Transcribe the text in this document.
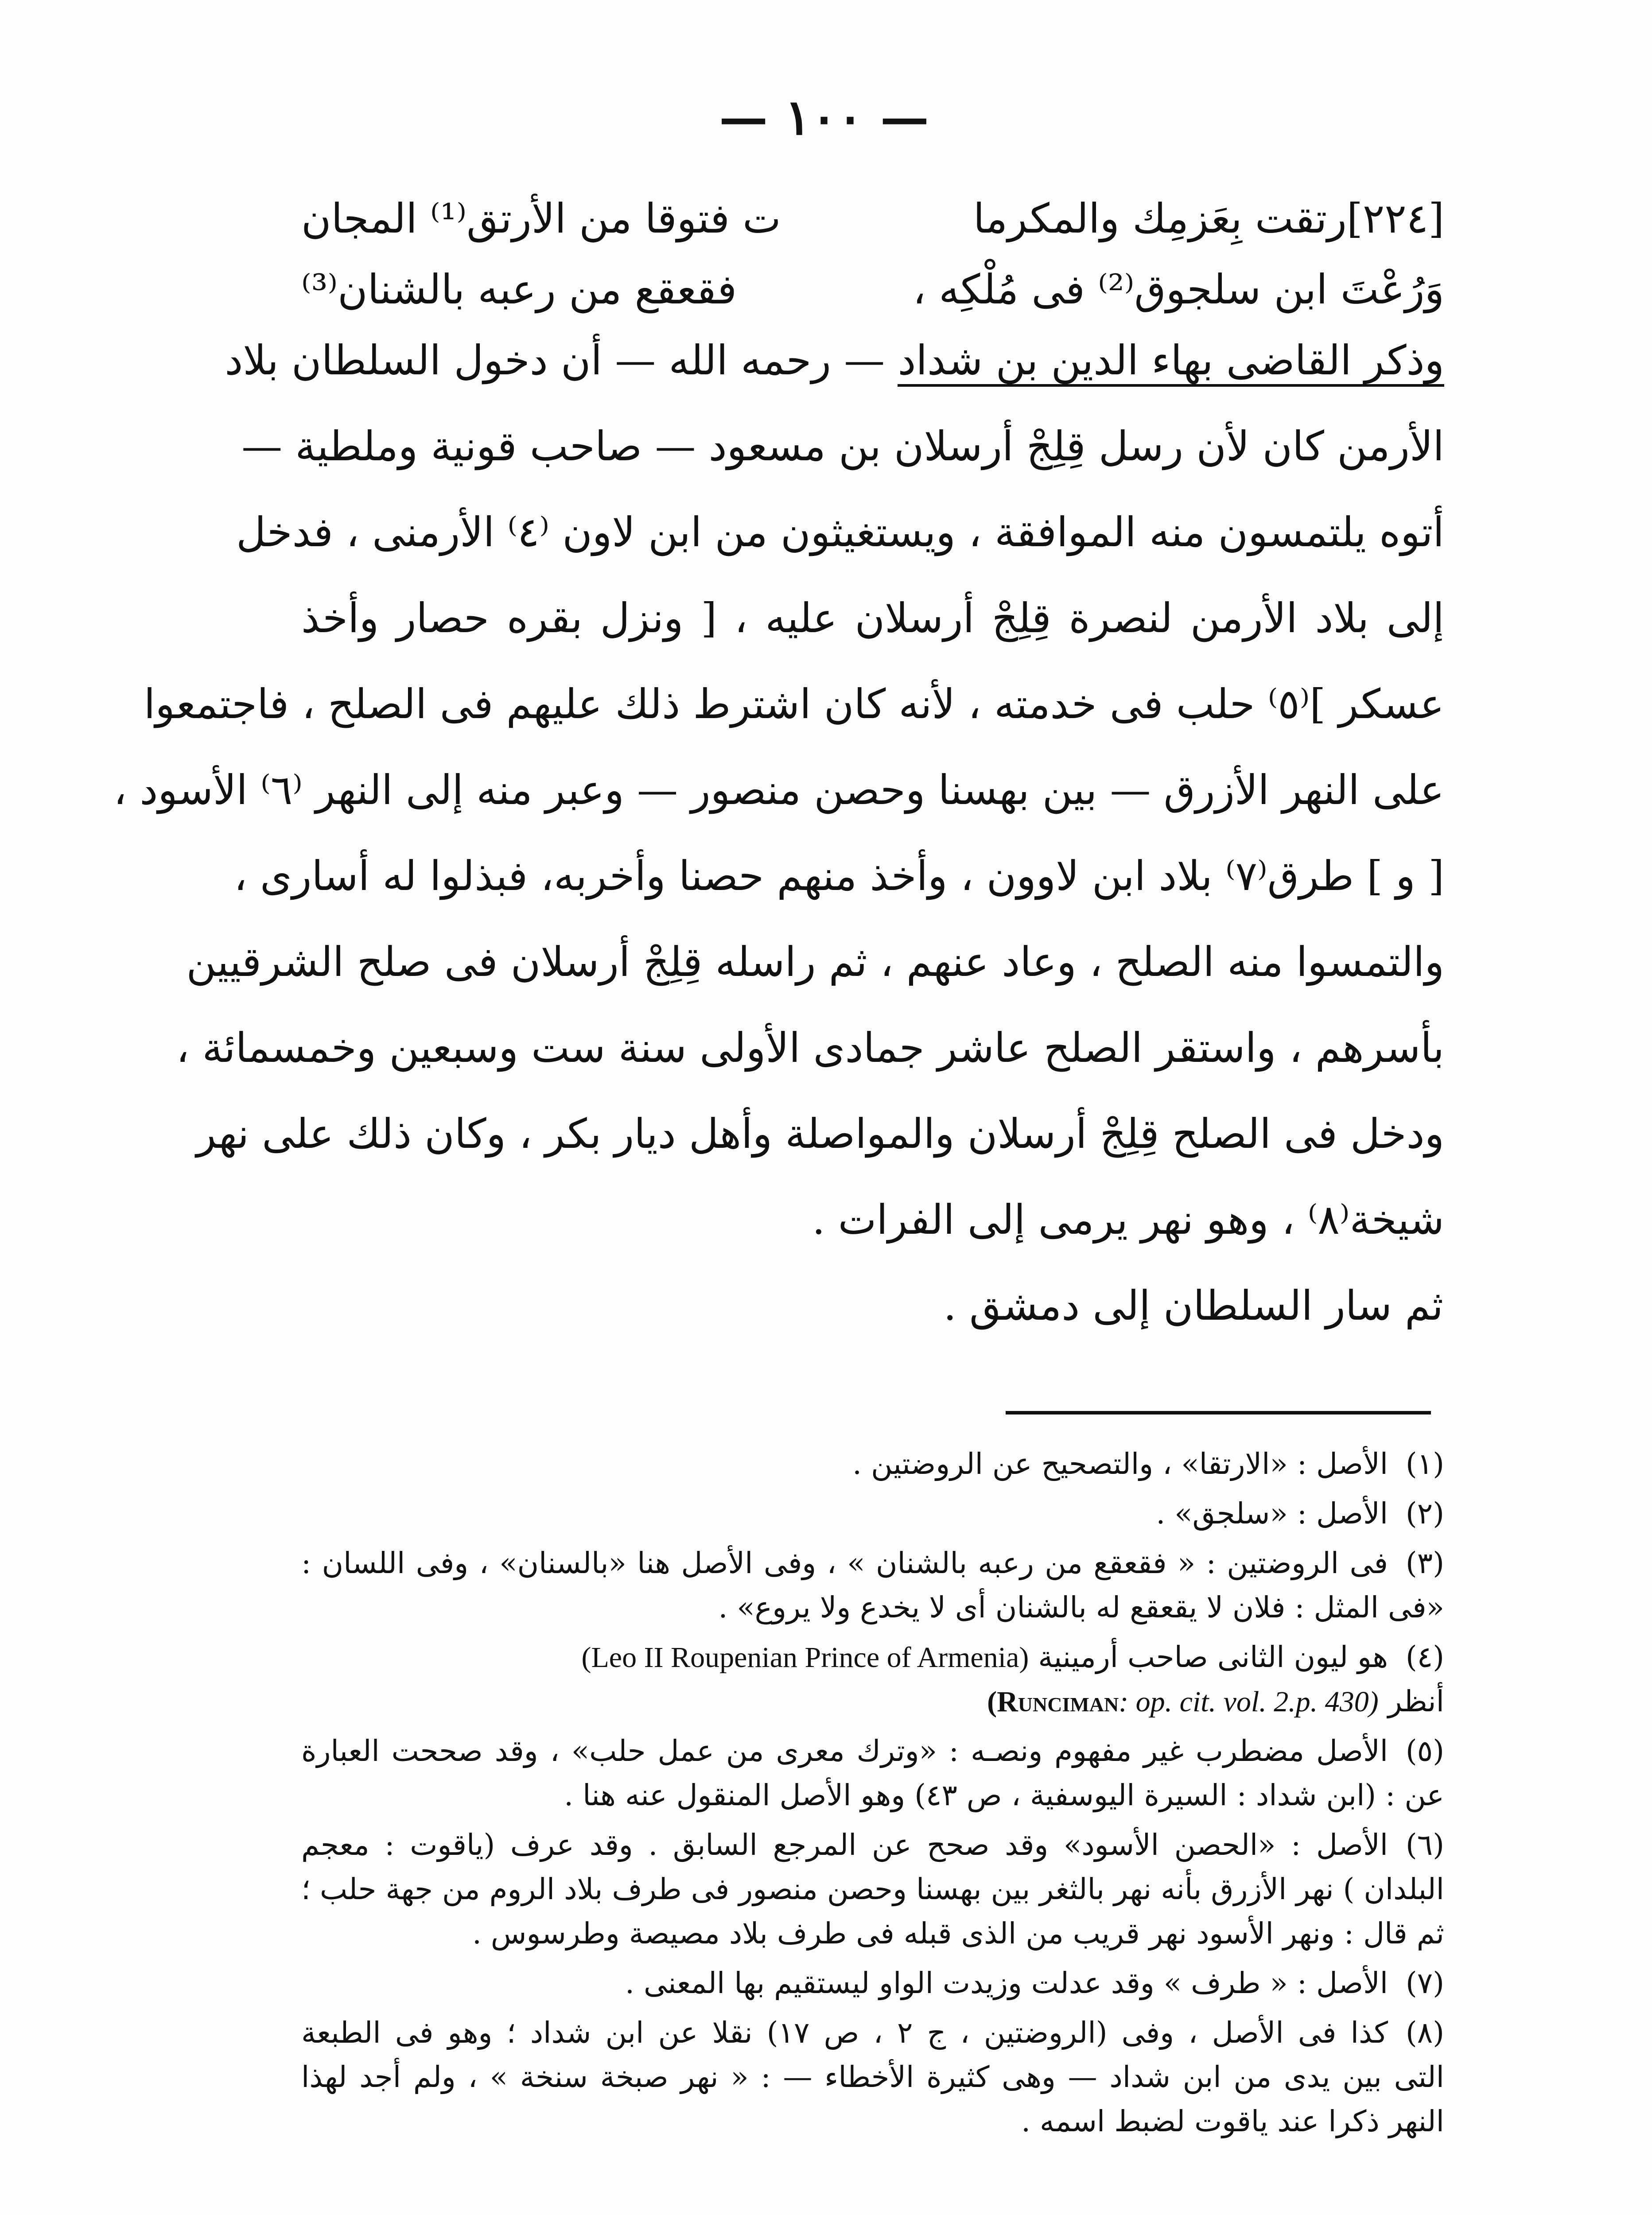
— ١٠٠ —
[٢٢٤]رتقت بِعَزمِك والمكرما
ت فتوقا من الأرتق⁽¹⁾ المجان
وَرُعْتَ ابن سلجوق⁽²⁾ فى مُلْكِه ،
فقعقع من رعبه بالشنان⁽³⁾
وذكر القاضى بهاء الدين بن شداد — رحمه الله — أن دخول السلطان بلاد
الأرمن كان لأن رسل قِلِجْ أرسلان بن مسعود — صاحب قونية وملطية —
أتوه يلتمسون منه الموافقة ، ويستغيثون من ابن لاون ⁽٤⁾ الأرمنى ، فدخل
إلى بلاد الأرمن لنصرة قِلِجْ أرسلان عليه ، [ ونزل بقره حصار وأخذ
عسكر ]⁽٥⁾ حلب فى خدمته ، لأنه كان اشترط ذلك عليهم فى الصلح ، فاجتمعوا
على النهر الأزرق — بين بهسنا وحصن منصور — وعبر منه إلى النهر ⁽٦⁾ الأسود ،
[ و ] طرق⁽٧⁾ بلاد ابن لاوون ، وأخذ منهم حصنا وأخربه، فبذلوا له أسارى ،
والتمسوا منه الصلح ، وعاد عنهم ، ثم راسله قِلِجْ أرسلان فى صلح الشرقيين
بأسرهم ، واستقر الصلح عاشر جمادى الأولى سنة ست وسبعين وخمسمائة ،
ودخل فى الصلح قِلِجْ أرسلان والمواصلة وأهل ديار بكر ، وكان ذلك على نهر
شيخة⁽٨⁾ ، وهو نهر يرمى إلى الفرات .
ثم سار السلطان إلى دمشق .
(١)الأصل : «الارتقا» ، والتصحيح عن الروضتين .
(٢)الأصل : «سلجق» .
(٣)فى الروضتين : « فقعقع من رعبه بالشنان » ، وفى الأصل هنا «بالسنان» ، وفى اللسان :
«فى المثل : فلان لا يقعقع له بالشنان أى لا يخدع ولا يروع» .
(٤)هو ليون الثانى صاحب أرمينية (Leo II Roupenian Prince of Armenia)
أنظر (Runciman: op. cit. vol. 2.p. 430)
(٥)الأصل مضطرب غير مفهوم ونصـه : «وترك معرى من عمل حلب» ، وقد صححت العبارة
عن : (ابن شداد : السيرة اليوسفية ، ص ٤٣) وهو الأصل المنقول عنه هنا .
(٦)الأصل : «الحصن الأسود» وقد صحح عن المرجع السابق . وقد عرف (ياقوت : معجم
البلدان ) نهر الأزرق بأنه نهر بالثغر بين بهسنا وحصن منصور فى طرف بلاد الروم من جهة حلب ؛
ثم قال : ونهر الأسود نهر قريب من الذى قبله فى طرف بلاد مصيصة وطرسوس .
(٧)الأصل : « طرف » وقد عدلت وزيدت الواو ليستقيم بها المعنى .
(٨)كذا فى الأصل ، وفى (الروضتين ، ج ٢ ، ص ١٧) نقلا عن ابن شداد ؛ وهو فى الطبعة
التى بين يدى من ابن شداد — وهى كثيرة الأخطاء — : « نهر صبخة سنخة » ، ولم أجد لهذا
النهر ذكرا عند ياقوت لضبط اسمه .
